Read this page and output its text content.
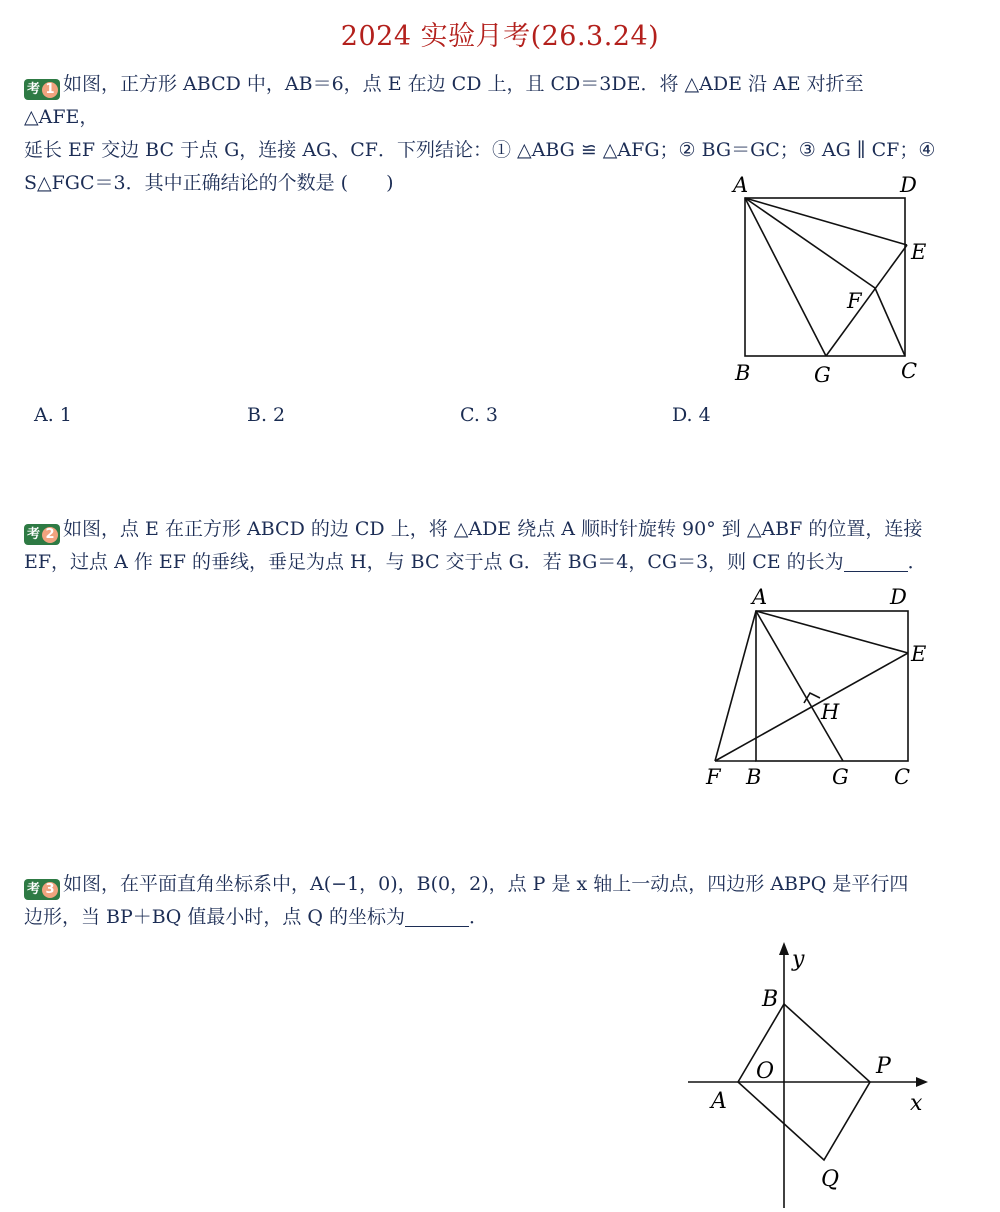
2024 实验月考(26.3.24)
考 1 如图，正方形 ABCD 中，AB＝6，点 E 在边 CD 上，且 CD＝3DE．将 △ADE 沿 AE 对折至 △AFE，
延长 EF 交边 BC 于点 G，连接 AG、CF．下列结论：① △ABG ≌ △AFG；② BG＝GC；③ AG ∥ CF；④
S△FGC＝3．其中正确结论的个数是 (　　)	A	D
E
F
B	G	C
A. 1	B. 2	C. 3	D. 4
考 2 如图，点 E 在正方形 ABCD 的边 CD 上，将 △ADE 绕点 A 顺时针旋转 90° 到 △ABF 的位置，连接
EF，过点 A 作 EF 的垂线，垂足为点 H，与 BC 交于点 G．若 BG＝4，CG＝3，则 CE 的长为	．
A	D
E
H
F B	G C
考 3 如图，在平面直角坐标系中，A(−1，0)，B(0，2)，点 P 是 x 轴上一动点，四边形 ABPQ 是平行四
边形，当 BP＋BQ 值最小时，点 Q 的坐标为	．
y
x
B
O	P
A
Q
